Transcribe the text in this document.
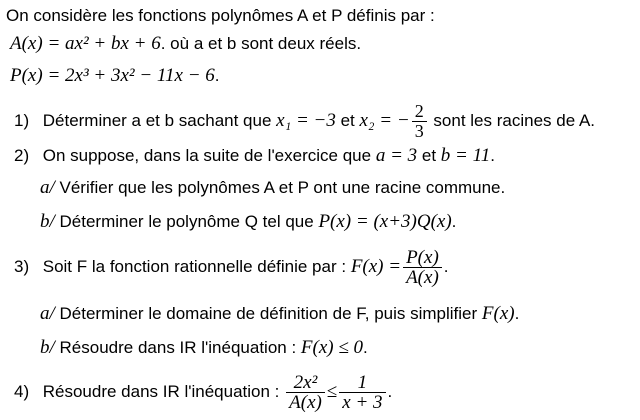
On considère les fonctions polynômes A et P définis par :
A(x) = ax² + bx + 6. où a et b sont deux réels.
P(x) = 2x³ + 3x² − 11x − 6.
1) Déterminer a et b sachant que x₁ = −3 et x₂ = − $\frac{2}{3}$ sont les racines de A.
2) On suppose, dans la suite de l'exercice que a = 3 et b = 11.
a/ Vérifier que les polynômes A et P ont une racine commune.
b/ Déterminer le polynôme Q tel que P(x) = (x+3)Q(x).
3) Soit F la fonction rationnelle définie par : $F(x) = \frac{P(x)}{A(x)}$ .
a/ Déterminer le domaine de définition de F, puis simplifier F(x).
b/ Résoudre dans IR l'inéquation : F(x) ≤ 0.
4) Résoudre dans IR l'inéquation : $\frac{\text{2x²}}{A(x)} \le \frac{1}{x + 3}$ .
